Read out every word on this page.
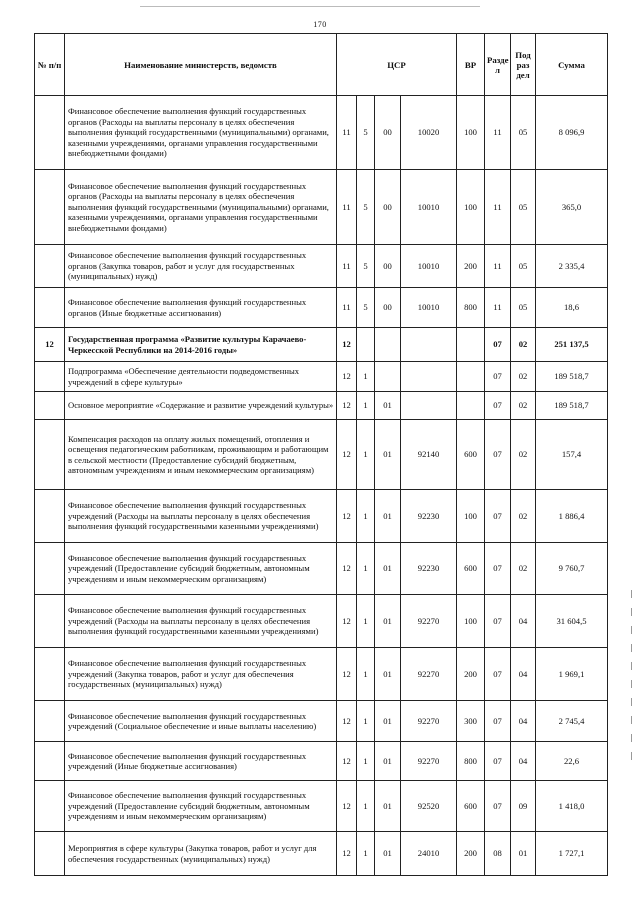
170
№ п/п	Наименование министерств, ведомств	ЦСР				ВР	Разде л	Под раз дел	Сумма
	Финансовое обеспечение выполнения функций государственных органов (Расходы на выплаты персоналу в целях обеспечения выполнения функций государственными (муниципальными) органами, казенными учреждениями, органами управления государственными внебюджетными фондами)	11	5	00	10020	100	11	05	8 096,9
	Финансовое обеспечение выполнения функций государственных органов (Расходы на выплаты персоналу в целях обеспечения выполнения функций государственными (муниципальными) органами, казенными учреждениями, органами управления государственными внебюджетными фондами)	11	5	00	10010	100	11	05	365,0
	Финансовое обеспечение выполнения функций государственных органов (Закупка товаров, работ и услуг для государственных (муниципальных) нужд)	11	5	00	10010	200	11	05	2 335,4
	Финансовое обеспечение выполнения функций государственных органов (Иные бюджетные ассигнования)	11	5	00	10010	800	11	05	18,6
12	Государственная программа «Развитие культуры Карачаево-Черкесской Республики на 2014-2016 годы»	12					07	02	251 137,5
	Подпрограмма «Обеспечение деятельности подведомственных учреждений в сфере культуры»	12	1				07	02	189 518,7
	Основное мероприятие «Содержание и развитие учреждений культуры»	12	1	01			07	02	189 518,7
	Компенсация расходов на оплату жилых помещений, отопления и освещения педагогическим работникам, проживающим и работающим в сельской местности (Предоставление субсидий бюджетным, автономным учреждениям и иным некоммерческим организациям)	12	1	01	92140	600	07	02	157,4
	Финансовое обеспечение выполнения функций государственных учреждений (Расходы на выплаты персоналу в целях обеспечения выполнения функций государственными казенными учреждениями)	12	1	01	92230	100	07	02	1 886,4
	Финансовое обеспечение выполнения функций государственных учреждений (Предоставление субсидий бюджетным, автономным учреждениям и иным некоммерческим организациям)	12	1	01	92230	600	07	02	9 760,7
	Финансовое обеспечение выполнения функций государственных учреждений (Расходы на выплаты персоналу в целях обеспечения выполнения функций государственными казенными учреждениями)	12	1	01	92270	100	07	04	31 604,5
	Финансовое обеспечение выполнения функций государственных учреждений (Закупка товаров, работ и услуг для обеспечения государственных (муниципальных) нужд)	12	1	01	92270	200	07	04	1 969,1
	Финансовое обеспечение выполнения функций государственных учреждений (Социальное обеспечение и иные выплаты населению)	12	1	01	92270	300	07	04	2 745,4
	Финансовое обеспечение выполнения функций государственных учреждений (Иные бюджетные ассигнования)	12	1	01	92270	800	07	04	22,6
	Финансовое обеспечение выполнения функций государственных учреждений (Предоставление субсидий бюджетным, автономным учреждениям и иным некоммерческим организациям)	12	1	01	92520	600	07	09	1 418,0
	Мероприятия в сфере культуры (Закупка товаров, работ и услуг для обеспечения государственных (муниципальных) нужд)	12	1	01	24010	200	08	01	1 727,1
